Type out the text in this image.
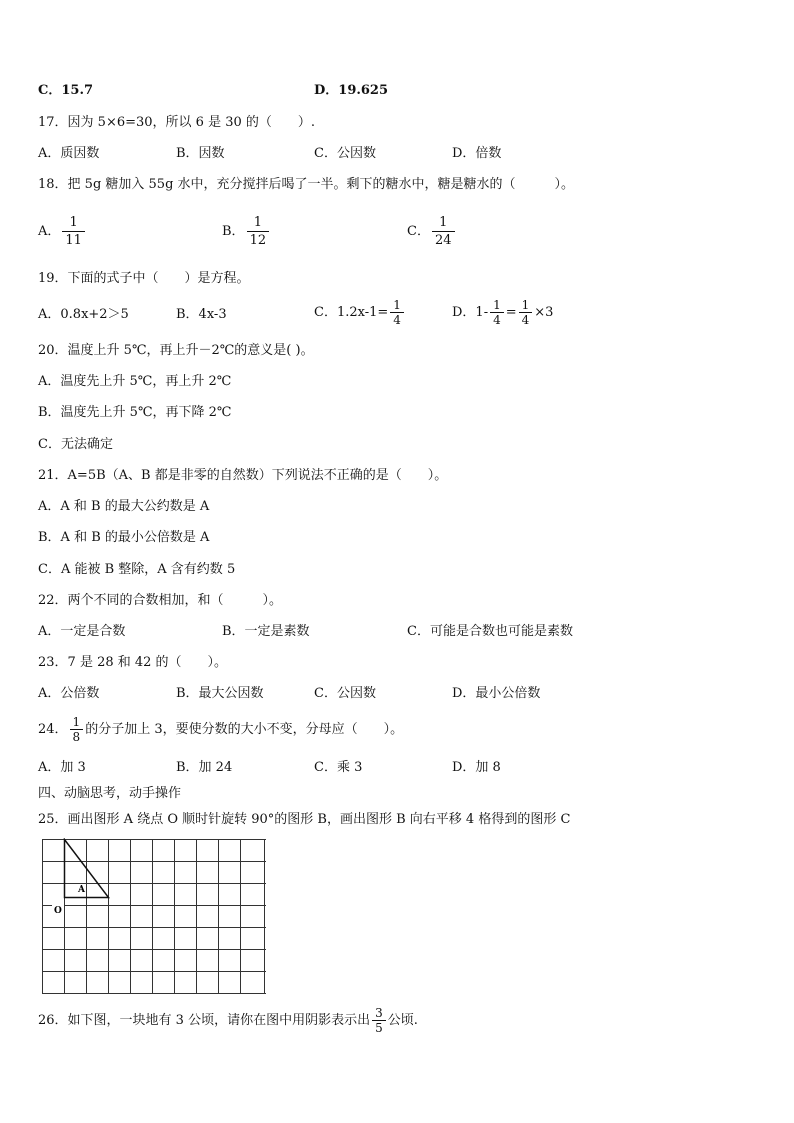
C．15.7	D．19.625
17．因为 5×6=30，所以 6 是 30 的（　　）.
A．质因数	B．因数	C．公因数	D．倍数
18．把 5g 糖加入 55g 水中，充分搅拌后喝了一半。剩下的糖水中，糖是糖水的（　　　）。
A． $\frac{1}{11}$	B． $\frac{1}{12}$	C． $\frac{1}{24}$
19．下面的式子中（　　）是方程。
A．0.8x+2＞5	B．4x-3	C．$1.2x-1= \frac{1}{4}$	D．$1- \frac{1}{4} = \frac{1}{4} \times 3$
20．温度上升 5℃，再上升－2℃的意义是( )。
A．温度先上升 5℃，再上升 2℃
B．温度先上升 5℃，再下降 2℃
C．无法确定
21．A=5B（A、B 都是非零的自然数）下列说法不正确的是（　　）。
A．A 和 B 的最大公约数是 A
B．A 和 B 的最小公倍数是 A
C．A 能被 B 整除，A 含有约数 5
22．两个不同的合数相加，和（　　　）。
A．一定是合数	B．一定是素数	C．可能是合数也可能是素数
23．7 是 28 和 42 的（　　）。
A．公倍数	B．最大公因数	C．公因数	D．最小公倍数
24． $\frac{1}{8}$ 的分子加上 3，要使分数的大小不变，分母应（　　）。
A．加 3	B．加 24	C．乘 3	D．加 8
四、动脑思考，动手操作
25．画出图形 A 绕点 O 顺时针旋转 90°的图形 B，画出图形 B 向右平移 4 格得到的图形 C
A
O
26．如下图，一块地有 3 公顷，请你在图中用阴影表示出 $\frac{3}{5}$ 公顷.
